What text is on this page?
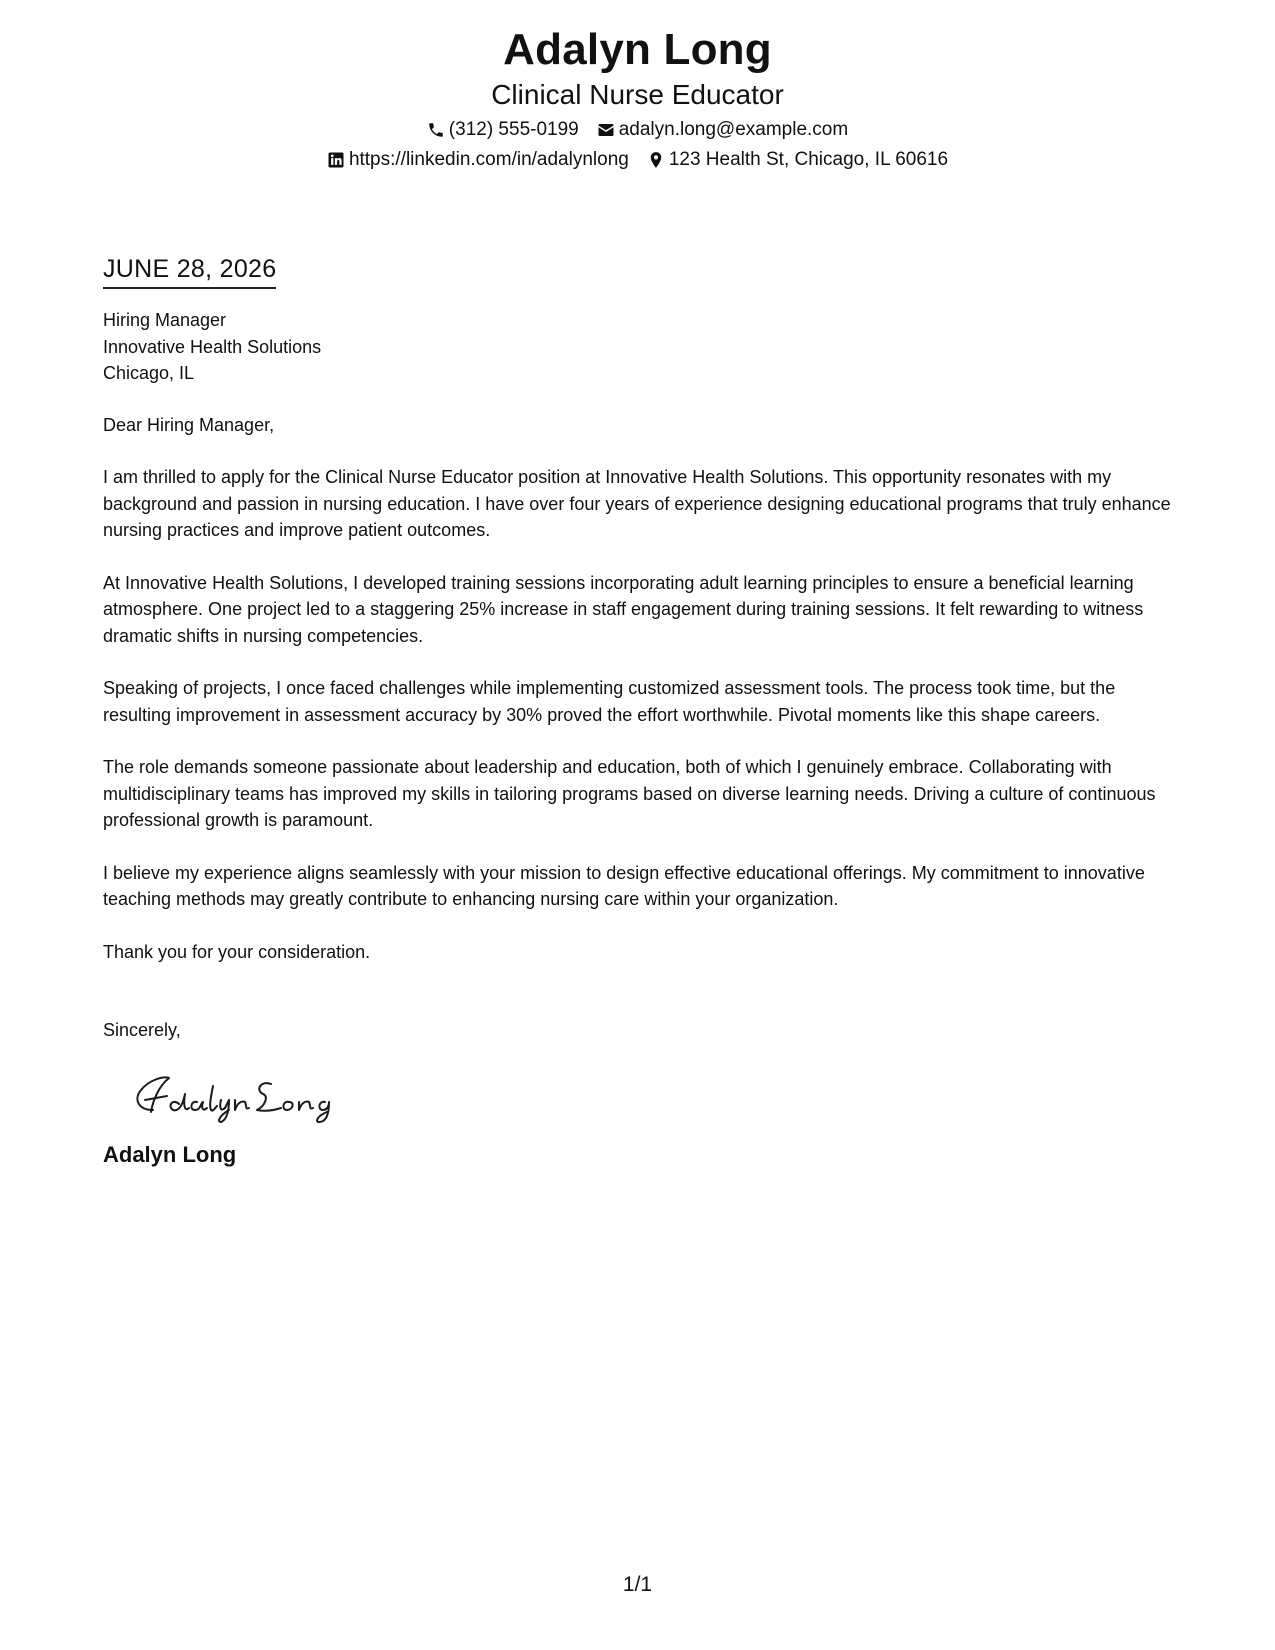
Adalyn Long
Clinical Nurse Educator
(312) 555-0199 adalyn.long@example.com
https://linkedin.com/in/adalynlong 123 Health St, Chicago, IL 60616
JUNE 28, 2026
Hiring Manager
Innovative Health Solutions
Chicago, IL
Dear Hiring Manager,
I am thrilled to apply for the Clinical Nurse Educator position at Innovative Health Solutions. This opportunity resonates with my background and passion in nursing education. I have over four years of experience designing educational programs that truly enhance nursing practices and improve patient outcomes.
At Innovative Health Solutions, I developed training sessions incorporating adult learning principles to ensure a beneficial learning atmosphere. One project led to a staggering 25% increase in staff engagement during training sessions. It felt rewarding to witness dramatic shifts in nursing competencies.
Speaking of projects, I once faced challenges while implementing customized assessment tools. The process took time, but the resulting improvement in assessment accuracy by 30% proved the effort worthwhile. Pivotal moments like this shape careers.
The role demands someone passionate about leadership and education, both of which I genuinely embrace. Collaborating with multidisciplinary teams has improved my skills in tailoring programs based on diverse learning needs. Driving a culture of continuous professional growth is paramount.
I believe my experience aligns seamlessly with your mission to design effective educational offerings. My commitment to innovative teaching methods may greatly contribute to enhancing nursing care within your organization.
Thank you for your consideration.
Sincerely,
Adalyn Long
1/1
